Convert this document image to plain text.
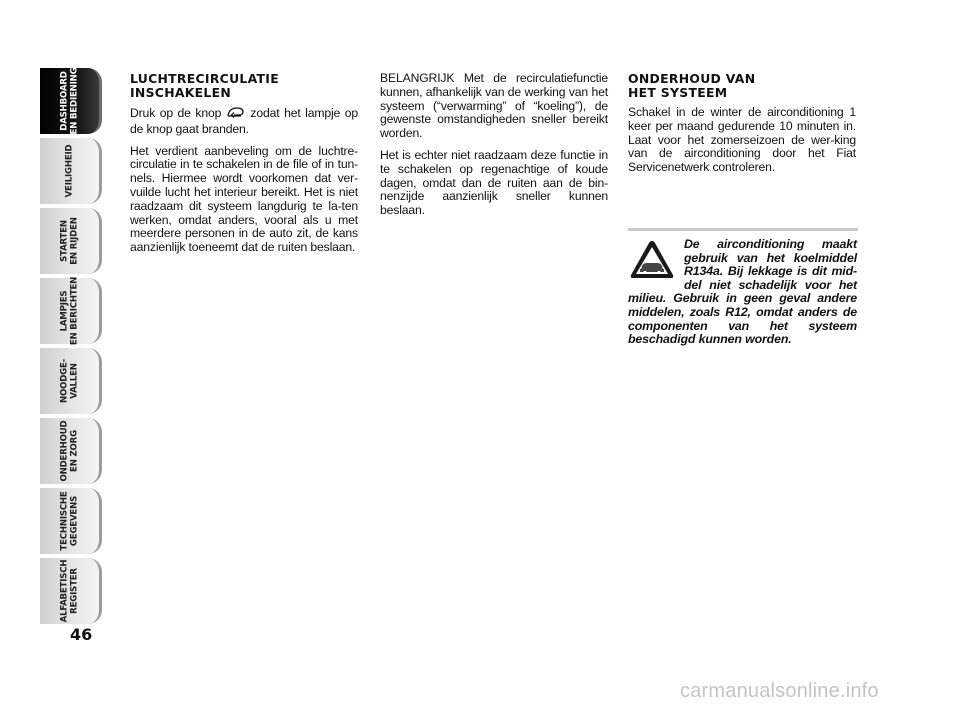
DASHBOARD
EN BEDIENING
VEILIGHEID
STARTEN
EN RIJDEN
LAMPJES
EN BERICHTEN
NOODGE-
VALLEN
ONDERHOUD
EN ZORG
TECHNISCHE
GEGEVENS
ALFABETISCH
REGISTER
46
LUCHTRECIRCULATIE
INSCHAKELEN

Druk op de knop zodat het lampje op de knop gaat branden.

Het verdient aanbeveling om de luchtre-circulatie in te schakelen in de file of in tun-nels. Hiermee wordt voorkomen dat ver-vuilde lucht het interieur bereikt. Het is niet raadzaam dit systeem langdurig te la-ten werken, omdat anders, vooral als u met meerdere personen in de auto zit, de kans aanzienlijk toeneemt dat de ruiten beslaan.

BELANGRIJK Met de recirculatiefunctie kunnen, afhankelijk van de werking van het systeem (“verwarming” of “koeling”), de gewenste omstandigheden sneller bereikt worden.

Het is echter niet raadzaam deze functie in te schakelen op regenachtige of koude dagen, omdat dan de ruiten aan de bin-nenzijde aanzienlijk sneller kunnen beslaan.

ONDERHOUD VAN
HET SYSTEEM

Schakel in de winter de airconditioning 1 keer per maand gedurende 10 minuten in. Laat voor het zomerseizoen de wer-king van de airconditioning door het Fiat Servicenetwerk controleren.

De airconditioning maakt gebruik van het koelmiddel R134a. Bij lekkage is dit mid-del niet schadelijk voor het milieu. Gebruik in geen geval andere middelen, zoals R12, omdat anders de componenten van het systeem beschadigd kunnen worden.

carmanualsonline.info
